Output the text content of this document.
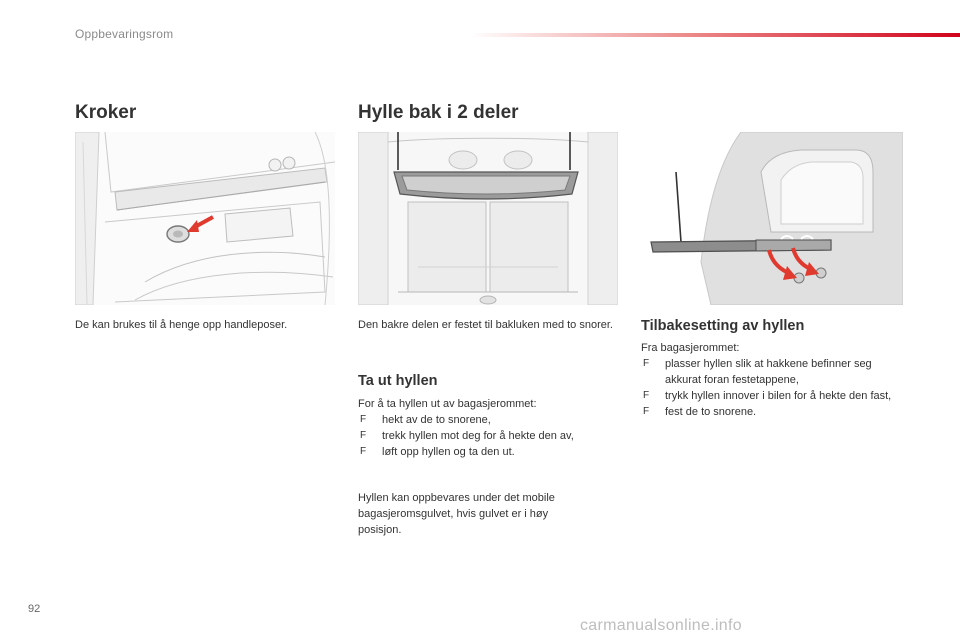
Oppbevaringsrom
Kroker
De kan brukes til å henge opp handleposer.
Hylle bak i 2 deler
Den bakre delen er festet til bakluken med to snorer.
Ta ut hyllen
For å ta hyllen ut av bagasjerommet:
F hekt av de to snorene,
F trekk hyllen mot deg for å hekte den av,
F løft opp hyllen og ta den ut.
Hyllen kan oppbevares under det mobile bagasjeromsgulvet, hvis gulvet er i høy posisjon.
Tilbakesetting av hyllen
Fra bagasjerommet:
F plasser hyllen slik at hakkene befinner seg akkurat foran festetappene,
F trykk hyllen innover i bilen for å hekte den fast,
F fest de to snorene.
92
carmanualsonline.info
